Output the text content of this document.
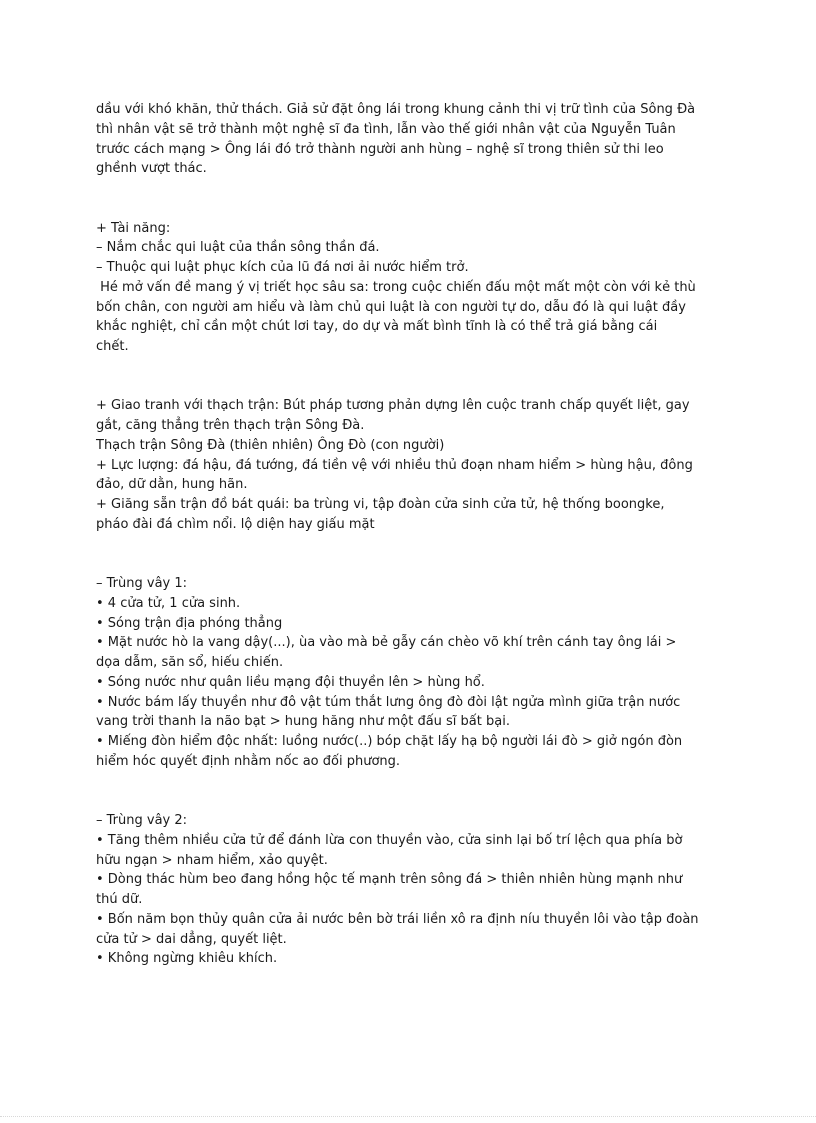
dầu với khó khăn, thử thách. Giả sử đặt ông lái trong khung cảnh thi vị trữ tình của Sông Đà
thì nhân vật sẽ trở thành một nghệ sĩ đa tình, lẫn vào thế giới nhân vật của Nguyễn Tuân
trước cách mạng > Ông lái đó trở thành người anh hùng – nghệ sĩ trong thiên sử thi leo
ghềnh vượt thác.
+ Tài năng:
– Nắm chắc qui luật của thần sông thần đá.
– Thuộc qui luật phục kích của lũ đá nơi ải nước hiểm trở.
Hé mở vấn đề mang ý vị triết học sâu sa: trong cuộc chiến đấu một mất một còn với kẻ thù
bốn chân, con người am hiểu và làm chủ qui luật là con người tự do, dẫu đó là qui luật đầy
khắc nghiệt, chỉ cần một chút lơi tay, do dự và mất bình tĩnh là có thể trả giá bằng cái
chết.
+ Giao tranh với thạch trận: Bút pháp tương phản dựng lên cuộc tranh chấp quyết liệt, gay
gắt, căng thẳng trên thạch trận Sông Đà.
Thạch trận Sông Đà (thiên nhiên) Ông Đò (con người)
+ Lực lượng: đá hậu, đá tướng, đá tiền vệ với nhiều thủ đoạn nham hiểm > hùng hậu, đông
đảo, dữ dằn, hung hãn.
+ Giăng sẵn trận đồ bát quái: ba trùng vi, tập đoàn cửa sinh cửa tử, hệ thống boongke,
pháo đài đá chìm nổi. lộ diện hay giấu mặt
– Trùng vây 1:
• 4 cửa tử, 1 cửa sinh.
• Sóng trận địa phóng thẳng
• Mặt nước hò la vang dậy(...), ùa vào mà bẻ gẫy cán chèo võ khí trên cánh tay ông lái >
dọa dẫm, săn sổ, hiếu chiến.
• Sóng nước như quân liều mạng đội thuyền lên > hùng hổ.
• Nước bám lấy thuyền như đô vật túm thắt lưng ông đò đòi lật ngửa mình giữa trận nước
vang trời thanh la não bạt > hung hăng như một đấu sĩ bất bại.
• Miếng đòn hiểm độc nhất: luồng nước(..) bóp chặt lấy hạ bộ người lái đò > giở ngón đòn
hiểm hóc quyết định nhằm nốc ao đối phương.
– Trùng vây 2:
• Tăng thêm nhiều cửa tử để đánh lừa con thuyền vào, cửa sinh lại bố trí lệch qua phía bờ
hữu ngạn > nham hiểm, xảo quyệt.
• Dòng thác hùm beo đang hồng hộc tế mạnh trên sông đá > thiên nhiên hùng mạnh như
thú dữ.
• Bốn năm bọn thủy quân cửa ải nước bên bờ trái liền xô ra định níu thuyền lôi vào tập đoàn
cửa tử > dai dẳng, quyết liệt.
• Không ngừng khiêu khích.
